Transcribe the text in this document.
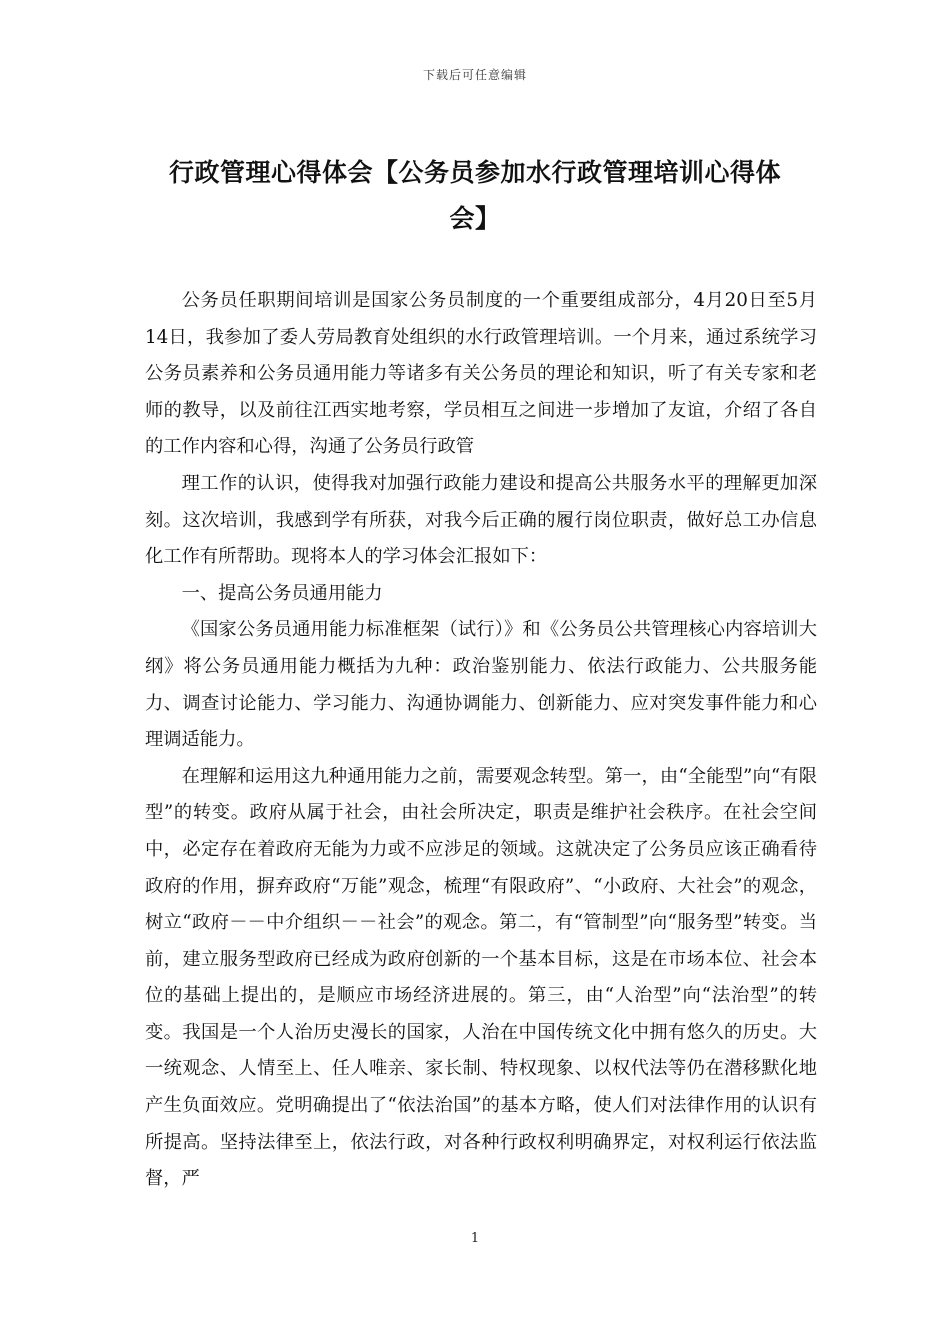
下载后可任意编辑
行政管理心得体会【公务员参加水行政管理培训心得体会】

公务员任职期间培训是国家公务员制度的一个重要组成部分，4月20日至5月14日，我参加了委人劳局教育处组织的水行政管理培训。一个月来，通过系统学习公务员素养和公务员通用能力等诸多有关公务员的理论和知识，听了有关专家和老师的教导，以及前往江西实地考察，学员相互之间进一步增加了友谊，介绍了各自的工作内容和心得，沟通了公务员行政管

理工作的认识，使得我对加强行政能力建设和提高公共服务水平的理解更加深刻。这次培训，我感到学有所获，对我今后正确的履行岗位职责，做好总工办信息化工作有所帮助。现将本人的学习体会汇报如下：

一、提高公务员通用能力

《国家公务员通用能力标准框架（试行）》和《公务员公共管理核心内容培训大纲》将公务员通用能力概括为九种：政治鉴别能力、依法行政能力、公共服务能力、调查讨论能力、学习能力、沟通协调能力、创新能力、应对突发事件能力和心理调适能力。

在理解和运用这九种通用能力之前，需要观念转型。第一，由“全能型”向“有限型”的转变。政府从属于社会，由社会所决定，职责是维护社会秩序。在社会空间中，必定存在着政府无能为力或不应涉足的领域。这就决定了公务员应该正确看待政府的作用，摒弃政府“万能”观念，梳理“有限政府”、“小政府、大社会”的观念，树立“政府－－中介组织－－社会”的观念。第二，有“管制型”向“服务型”转变。当前，建立服务型政府已经成为政府创新的一个基本目标，这是在市场本位、社会本位的基础上提出的，是顺应市场经济进展的。第三，由“人治型”向“法治型”的转变。我国是一个人治历史漫长的国家，人治在中国传统文化中拥有悠久的历史。大一统观念、人情至上、任人唯亲、家长制、特权现象、以权代法等仍在潜移默化地产生负面效应。党明确提出了“依法治国”的基本方略，使人们对法律作用的认识有所提高。坚持法律至上，依法行政，对各种行政权利明确界定，对权利运行依法监督，严

1
